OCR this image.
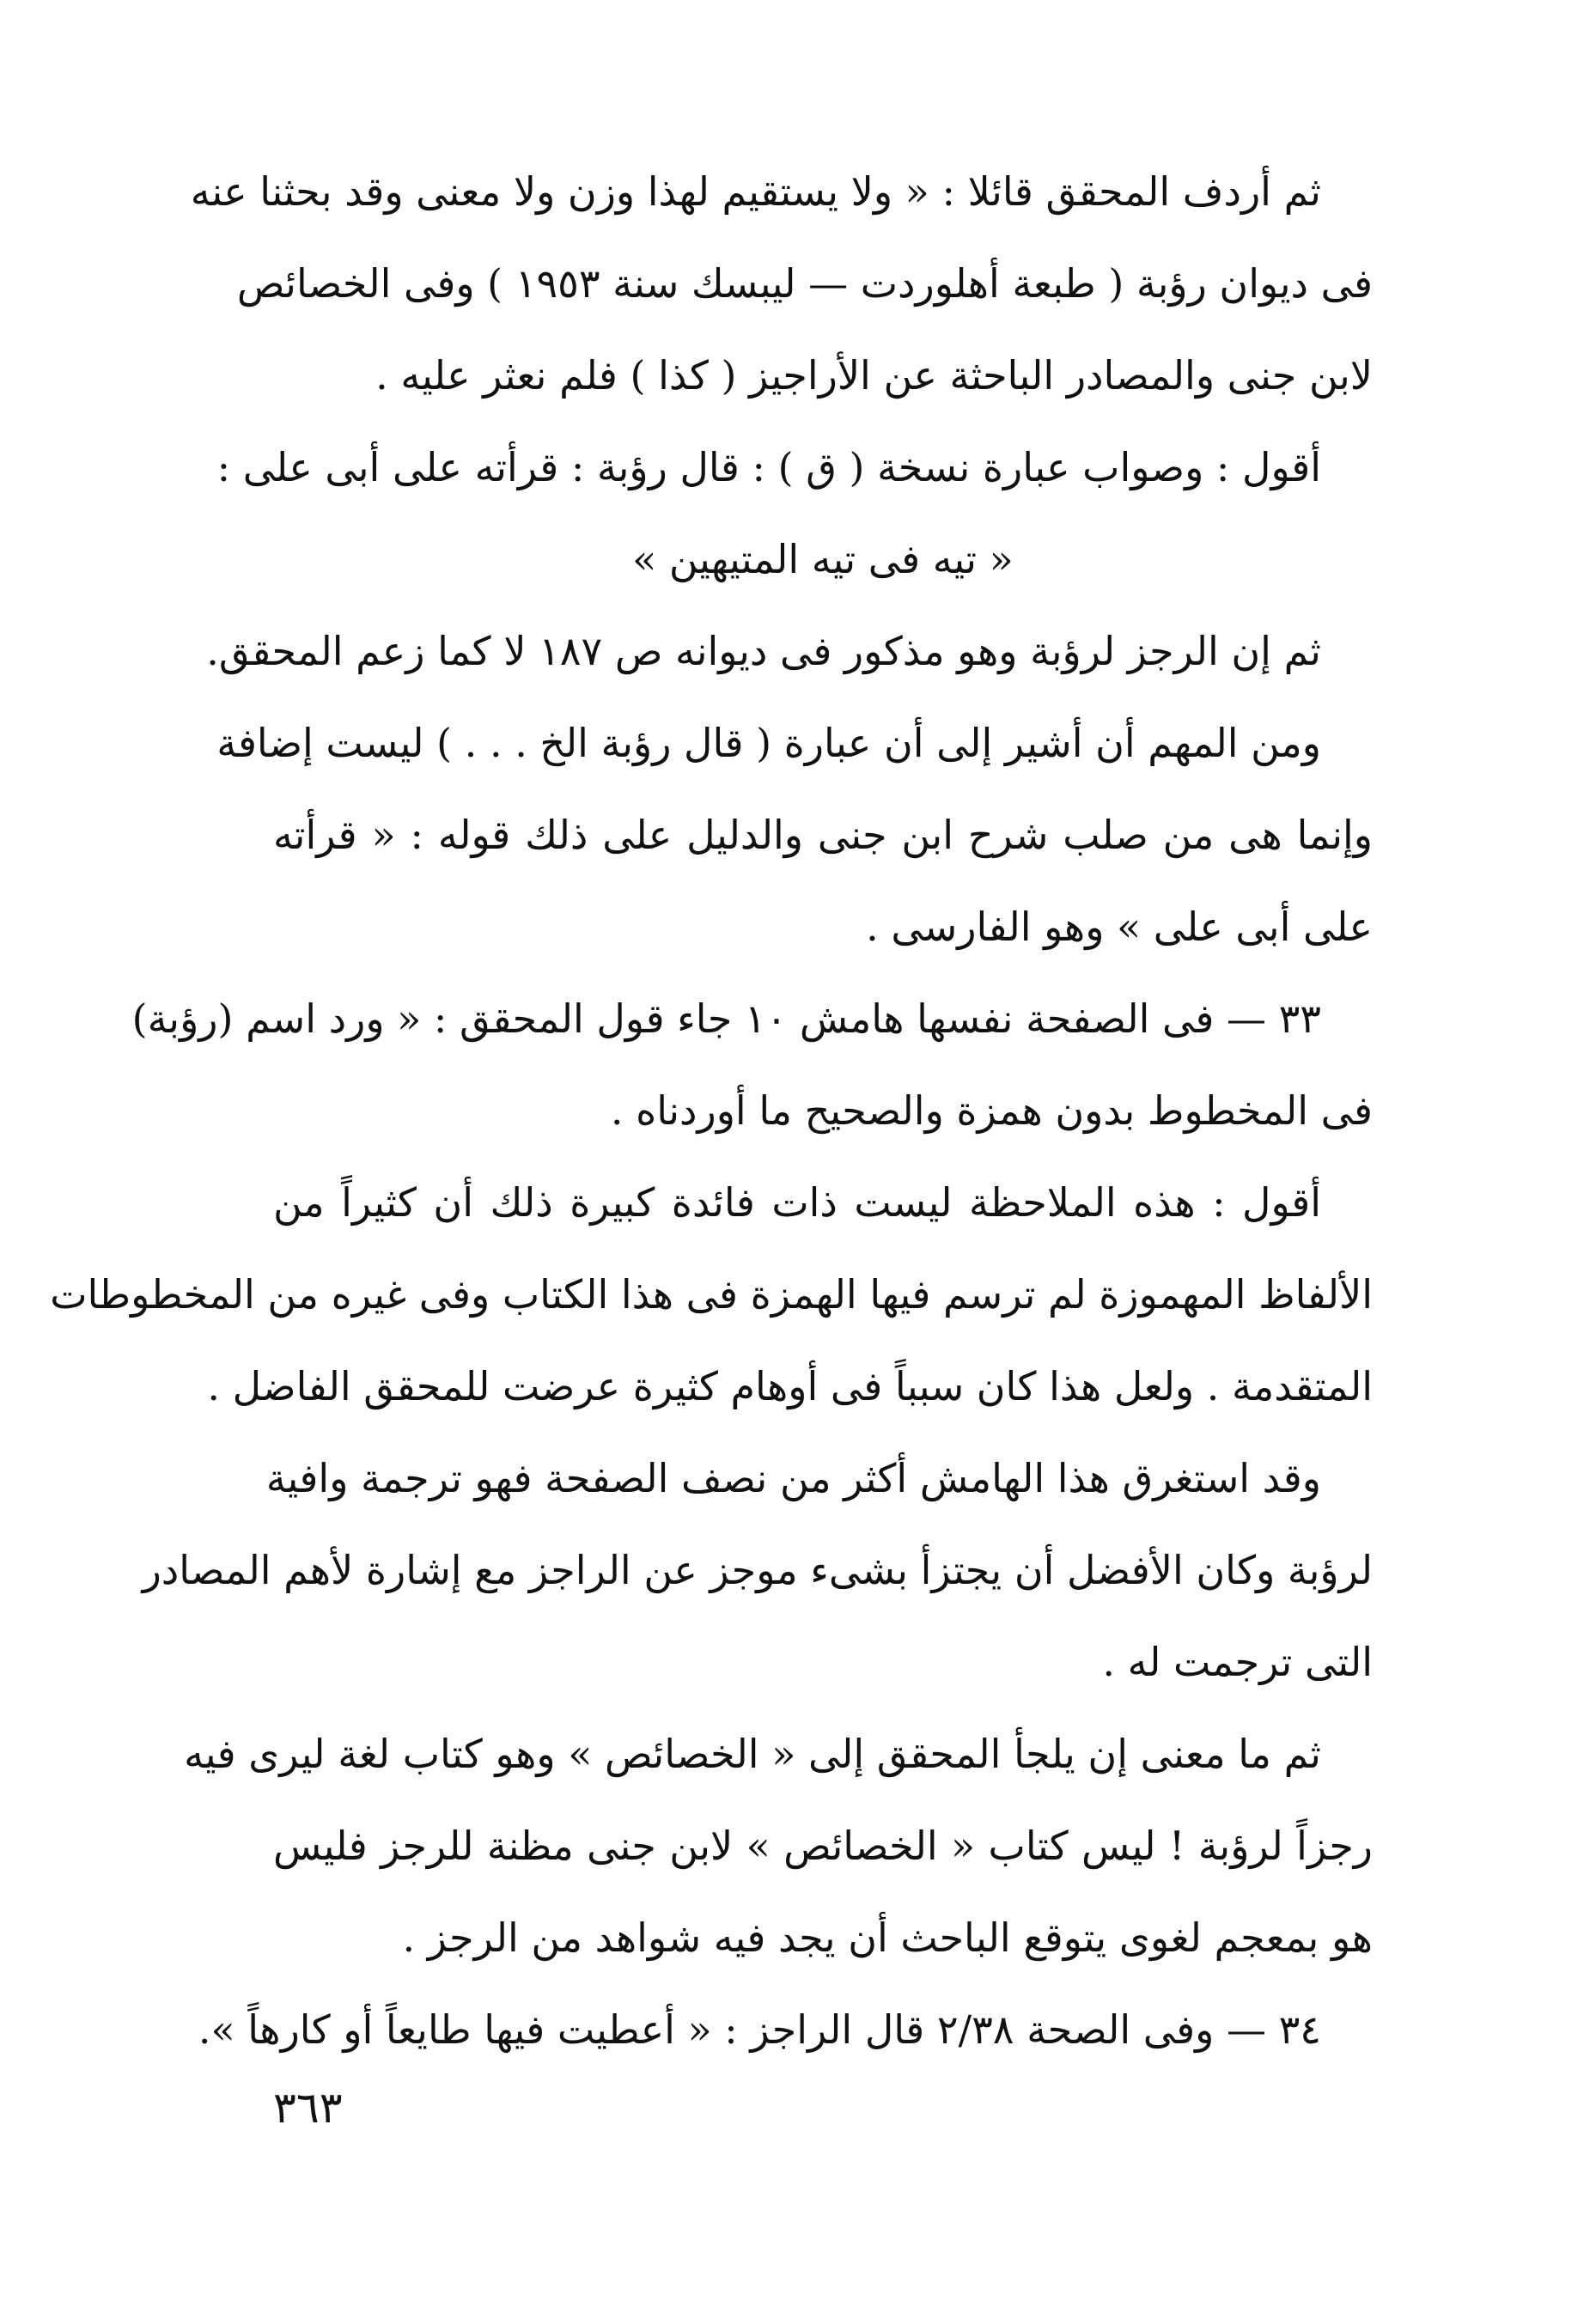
ثم أردف المحقق قائلا : « ولا يستقيم لهذا وزن ولا معنى وقد بحثنا عنه
فى ديوان رؤبة ( طبعة أهلوردت — ليبسك سنة ١٩٥٣ ) وفى الخصائص
لابن جنى والمصادر الباحثة عن الأراجيز ( كذا ) فلم نعثر عليه .
أقول : وصواب عبارة نسخة ( ق ) : قال رؤبة : قرأته على أبى على :
« تيه فى تيه المتيهين »
ثم إن الرجز لرؤبة وهو مذكور فى ديوانه ص ١٨٧ لا كما زعم المحقق.
ومن المهم أن أشير إلى أن عبارة ( قال رؤبة الخ . . . ) ليست إضافة
وإنما هى من صلب شرح ابن جنى والدليل على ذلك قوله : « قرأته
على أبى على » وهو الفارسى .
٣٣ — فى الصفحة نفسها هامش ١٠ جاء قول المحقق : « ورد اسم (رؤبة)
فى المخطوط بدون همزة والصحيح ما أوردناه .
أقول : هذه الملاحظة ليست ذات فائدة كبيرة ذلك أن كثيراً من
الألفاظ المهموزة لم ترسم فيها الهمزة فى هذا الكتاب وفى غيره من المخطوطات
المتقدمة . ولعل هذا كان سبباً فى أوهام كثيرة عرضت للمحقق الفاضل .
وقد استغرق هذا الهامش أكثر من نصف الصفحة فهو ترجمة وافية
لرؤبة وكان الأفضل أن يجتزأ بشىء موجز عن الراجز مع إشارة لأهم المصادر
التى ترجمت له .
ثم ما معنى إن يلجأ المحقق إلى « الخصائص » وهو كتاب لغة ليرى فيه
رجزاً لرؤبة ! ليس كتاب « الخصائص » لابن جنى مظنة للرجز فليس
هو بمعجم لغوى يتوقع الباحث أن يجد فيه شواهد من الرجز .
٣٤ — وفى الصحة ٢/٣٨ قال الراجز : « أعطيت فيها طايعاً أو كارهاً ».
٣٦٣
